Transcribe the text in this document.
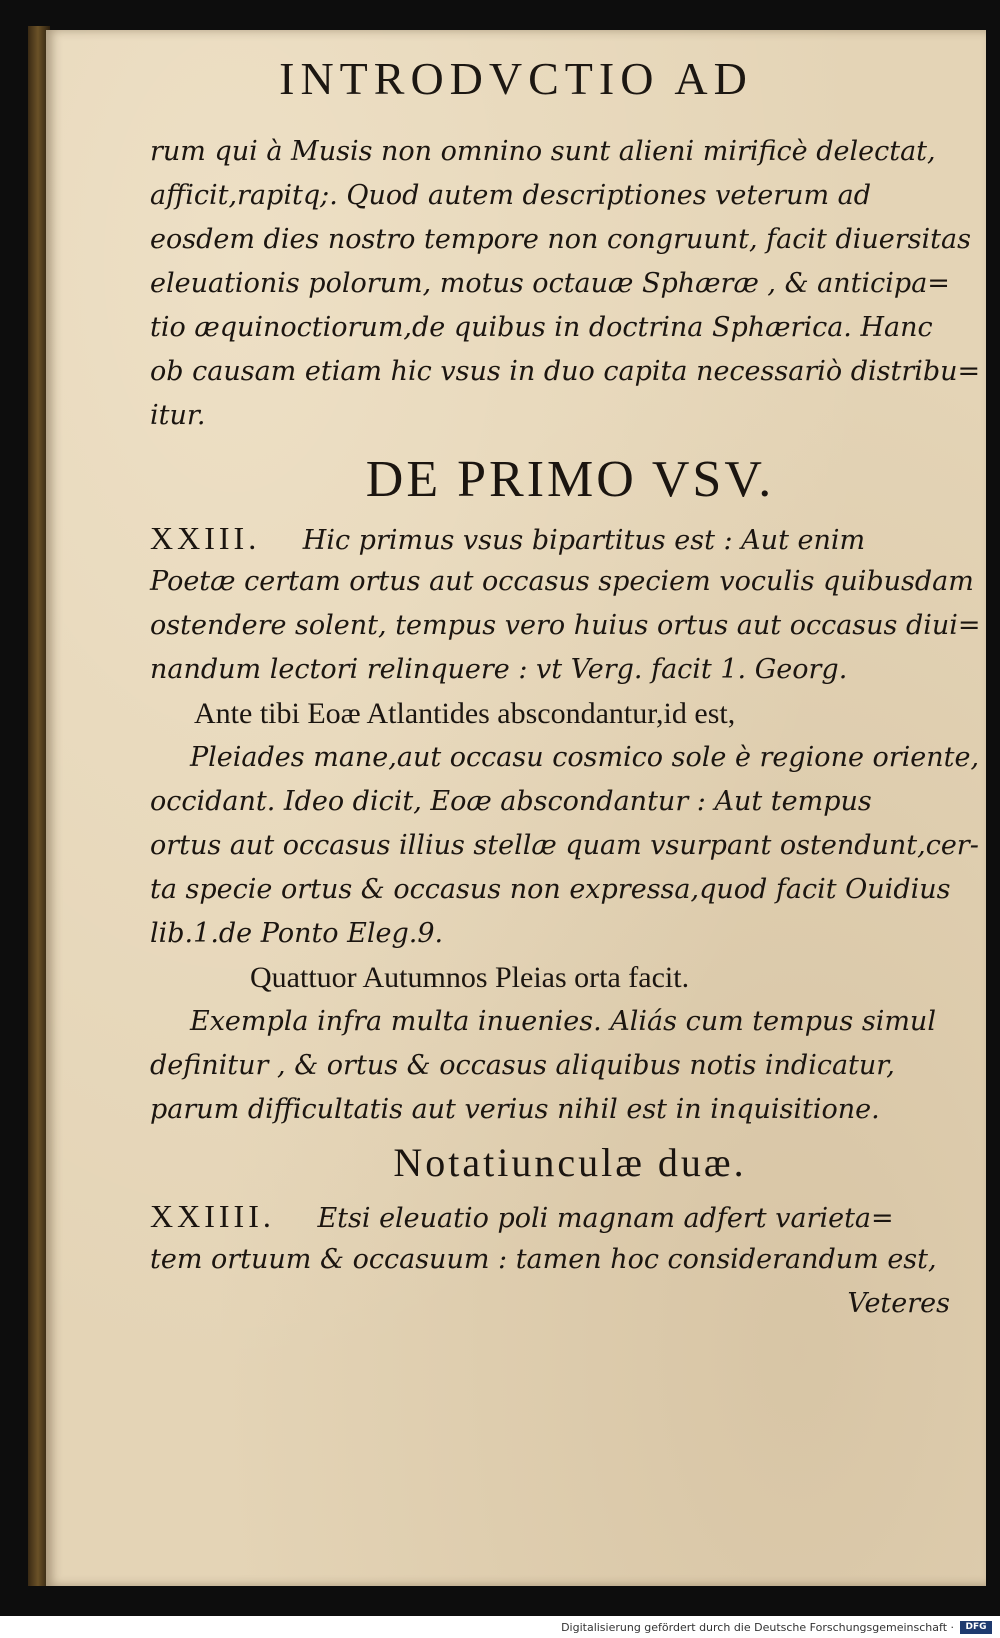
INTRODVCTIO AD
rum qui à Musis non omnino sunt alieni mirificè delectat,
afficit,rapitq;. Quod autem descriptiones veterum ad
eosdem dies nostro tempore non congruunt, facit diuersitas
eleuationis polorum, motus octauæ Sphæræ , & anticipa=
tio æquinoctiorum,de quibus in doctrina Sphærica. Hanc
ob causam etiam hic vsus in duo capita necessariò distribu=
itur.
DE PRIMO VSV.
XXIII. Hic primus vsus bipartitus est : Aut enim
Poetæ certam ortus aut occasus speciem voculis quibusdam
ostendere solent, tempus vero huius ortus aut occasus diui=
nandum lectori relinquere : vt Verg. facit 1. Georg.
Ante tibi Eoæ Atlantides abscondantur,id est,
Pleiades mane,aut occasu cosmico sole è regione oriente,
occidant. Ideo dicit, Eoæ abscondantur : Aut tempus
ortus aut occasus illius stellæ quam vsurpant ostendunt,cer-
ta specie ortus & occasus non expressa,quod facit Ouidius
lib.1.de Ponto Eleg.9.
Quattuor Autumnos Pleias orta facit.
Exempla infra multa inuenies. Aliás cum tempus simul
definitur , & ortus & occasus aliquibus notis indicatur,
parum difficultatis aut verius nihil est in inquisitione.
Notatiunculæ duæ.
XXIIII. Etsi eleuatio poli magnam adfert varieta=
tem ortuum & occasuum : tamen hoc considerandum est,
Veteres
Digitalisierung gefördert durch die Deutsche Forschungsgemeinschaft ·	DFG
